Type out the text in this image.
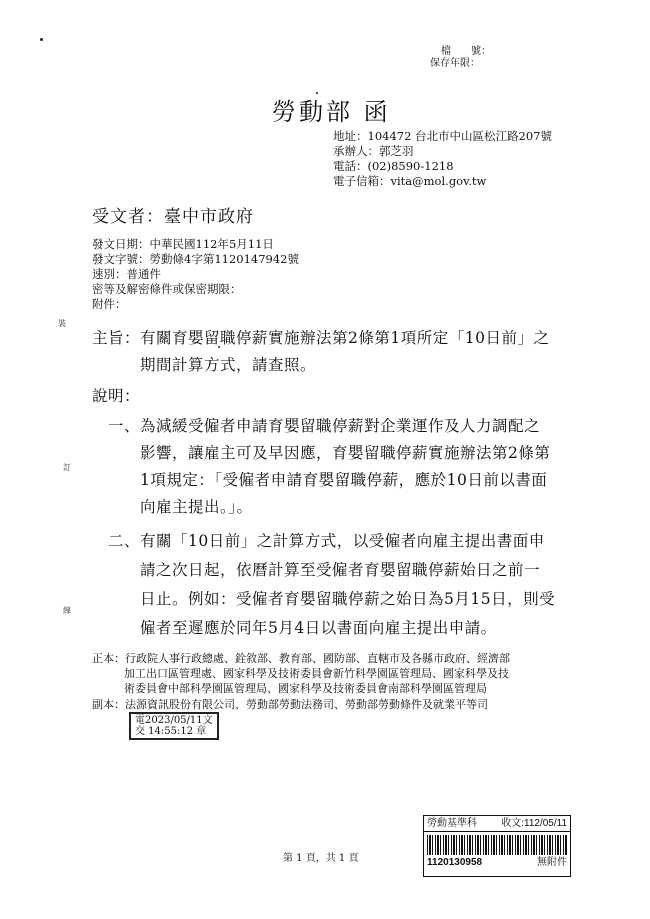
檔　　號：
保存年限：
勞動部 函
地址：104472 台北市中山區松江路207號
承辦人：郭芝羽
電話：(02)8590-1218
電子信箱：vita@mol.gov.tw
受文者：臺中市政府
發文日期：中華民國112年5月11日
發文字號：勞動條4字第1120147942號
速別：普通件
密等及解密條件或保密期限：
附件：
裝
訂
線
主旨：有關育嬰留職停薪實施辦法第2條第1項所定「10日前」之
期間計算方式，請查照。
說明：
一、為減緩受僱者申請育嬰留職停薪對企業運作及人力調配之
影響，讓雇主可及早因應，育嬰留職停薪實施辦法第2條第
1項規定：「受僱者申請育嬰留職停薪，應於10日前以書面
向雇主提出。」。
二、有關「10日前」之計算方式，以受僱者向雇主提出書面申
請之次日起，依曆計算至受僱者育嬰留職停薪始日之前一
日止。例如：受僱者育嬰留職停薪之始日為5月15日，則受
僱者至遲應於同年5月4日以書面向雇主提出申請。
正本：行政院人事行政總處、銓敘部、教育部、國防部、直轄市及各縣市政府、經濟部
加工出口區管理處、國家科學及技術委員會新竹科學園區管理局、國家科學及技
術委員會中部科學園區管理局、國家科學及技術委員會南部科學園區管理局
副本：法源資訊股份有限公司、勞動部勞動法務司、勞動部勞動條件及就業平等司
電2023/05/11文
交 14:55:12 章
勞動基準科 收文:112/05/11
1120130958	無附件
第 1 頁，共 1 頁
